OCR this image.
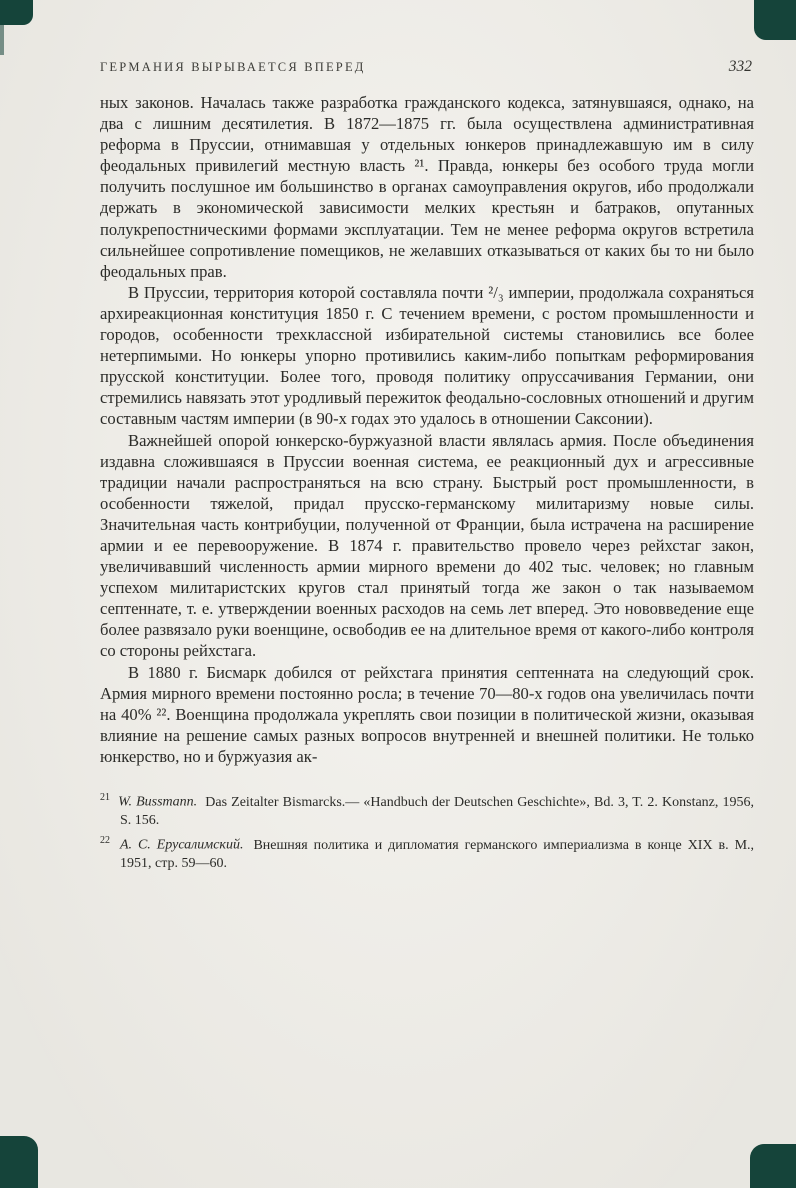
ГЕРМАНИЯ ВЫРЫВАЕТСЯ ВПЕРЕД	332

ных законов. Началась также разработка гражданского кодекса, затянувшаяся, однако, на два с лишним десятилетия. В 1872—1875 гг. была осуществлена административная реформа в Пруссии, отнимавшая у отдельных юнкеров принадлежавшую им в силу феодальных привилегий местную власть ²¹. Правда, юнкеры без особого труда могли получить послушное им большинство в органах самоуправления округов, ибо продолжали держать в экономической зависимости мелких крестьян и батраков, опутанных полукрепостническими формами эксплуатации. Тем не менее реформа округов встретила сильнейшее сопротивление помещиков, не желавших отказываться от каких бы то ни было феодальных прав.

В Пруссии, территория которой составляла почти ²/₃ империи, продолжала сохраняться архиреакционная конституция 1850 г. С течением времени, с ростом промышленности и городов, особенности трехклассной избирательной системы становились все более нетерпимыми. Но юнкеры упорно противились каким-либо попыткам реформирования прусской конституции. Более того, проводя политику опруссачивания Германии, они стремились навязать этот уродливый пережиток феодально-сословных отношений и другим составным частям империи (в 90-х годах это удалось в отношении Саксонии).

Важнейшей опорой юнкерско-буржуазной власти являлась армия. После объединения издавна сложившаяся в Пруссии военная система, ее реакционный дух и агрессивные традиции начали распространяться на всю страну. Быстрый рост промышленности, в особенности тяжелой, придал прусско-германскому милитаризму новые силы. Значительная часть контрибуции, полученной от Франции, была истрачена на расширение армии и ее перевооружение. В 1874 г. правительство провело через рейхстаг закон, увеличивавший численность армии мирного времени до 402 тыс. человек; но главным успехом милитаристских кругов стал принятый тогда же закон о так называемом септеннате, т. е. утверждении военных расходов на семь лет вперед. Это нововведение еще более развязало руки военщине, освободив ее на длительное время от какого-либо контроля со стороны рейхстага.

В 1880 г. Бисмарк добился от рейхстага принятия септенната на следующий срок. Армия мирного времени постоянно росла; в течение 70—80-х годов она увеличилась почти на 40% ²². Военщина продолжала укреплять свои позиции в политической жизни, оказывая влияние на решение самых разных вопросов внутренней и внешней политики. Не только юнкерство, но и буржуазия ак-

$^{21}$ W. Bussmann. Das Zeitalter Bismarcks.— «Handbuch der Deutschen Geschichte», Bd. 3, T. 2. Konstanz, 1956, S. 156.

$^{22}$ А. С. Ерусалимский. Внешняя политика и дипломатия германского империализма в конце XIX в. М., 1951, стр. 59—60.
